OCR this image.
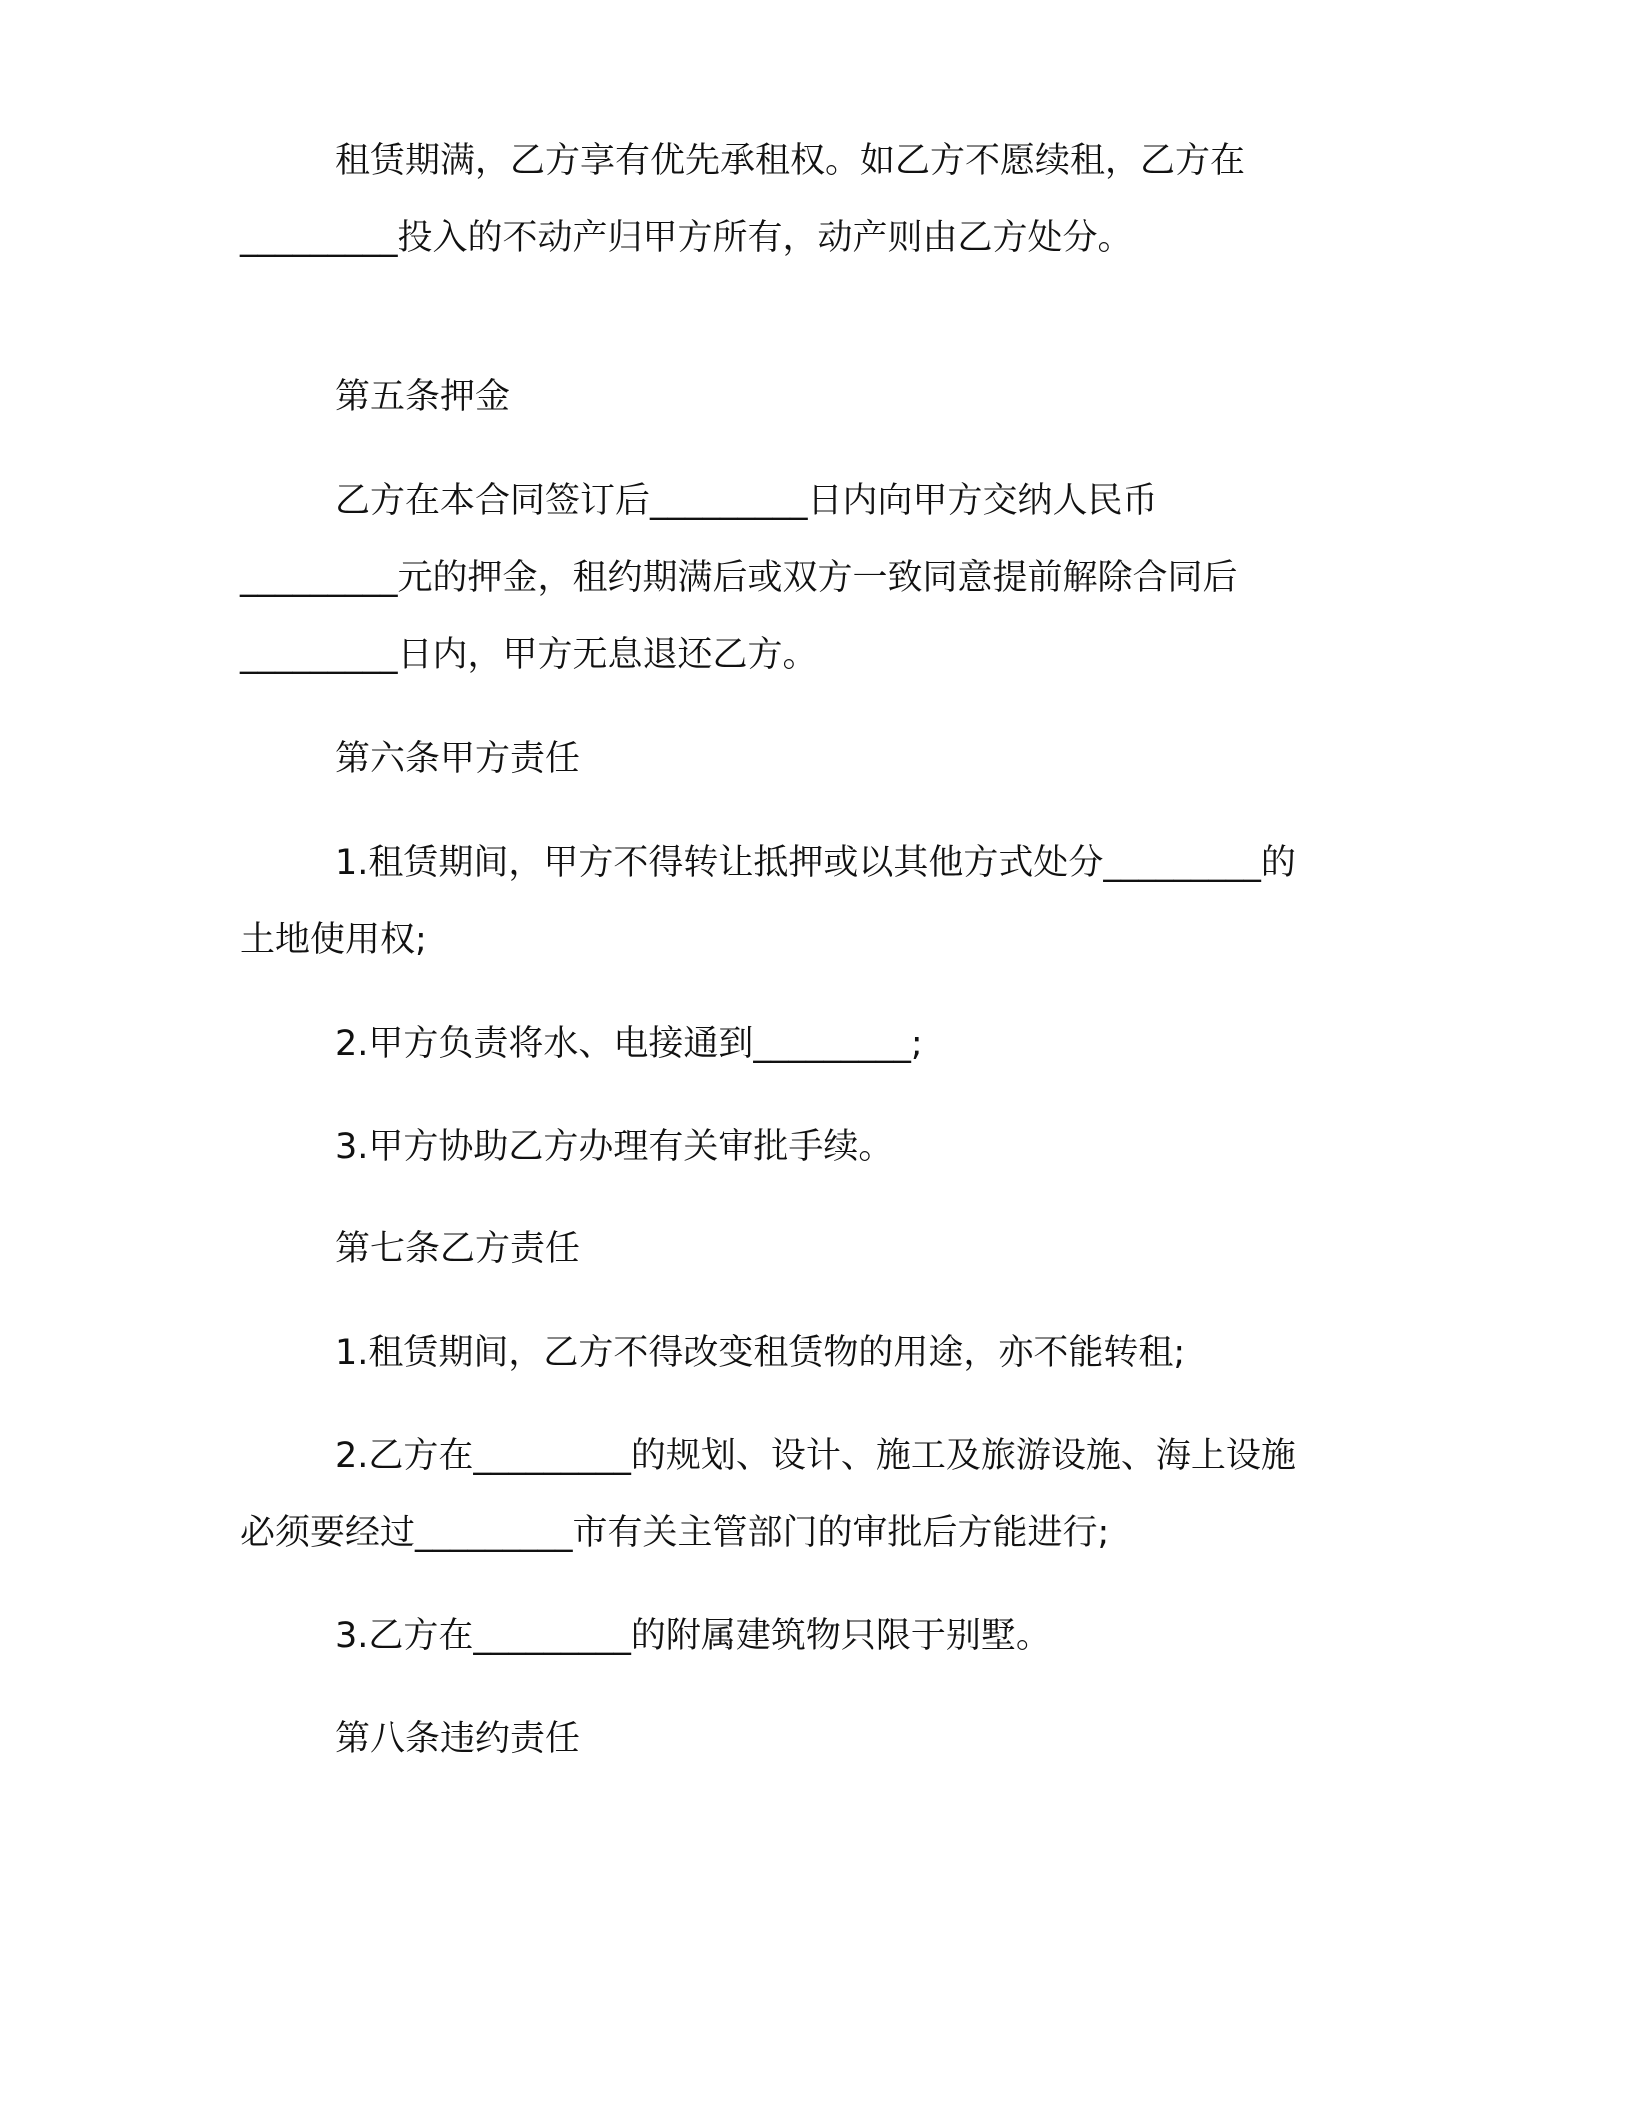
租赁期满，乙方享有优先承租权。如乙方不愿续租，乙方在
_________投入的不动产归甲方所有，动产则由乙方处分。

第五条押金

乙方在本合同签订后_________日内向甲方交纳人民币
_________元的押金，租约期满后或双方一致同意提前解除合同后
_________日内，甲方无息退还乙方。

第六条甲方责任

1.租赁期间，甲方不得转让抵押或以其他方式处分_________的
土地使用权;

2.甲方负责将水、电接通到_________;

3.甲方协助乙方办理有关审批手续。

第七条乙方责任

1.租赁期间，乙方不得改变租赁物的用途，亦不能转租;

2.乙方在_________的规划、设计、施工及旅游设施、海上设施
必须要经过_________市有关主管部门的审批后方能进行;

3.乙方在_________的附属建筑物只限于别墅。

第八条违约责任
